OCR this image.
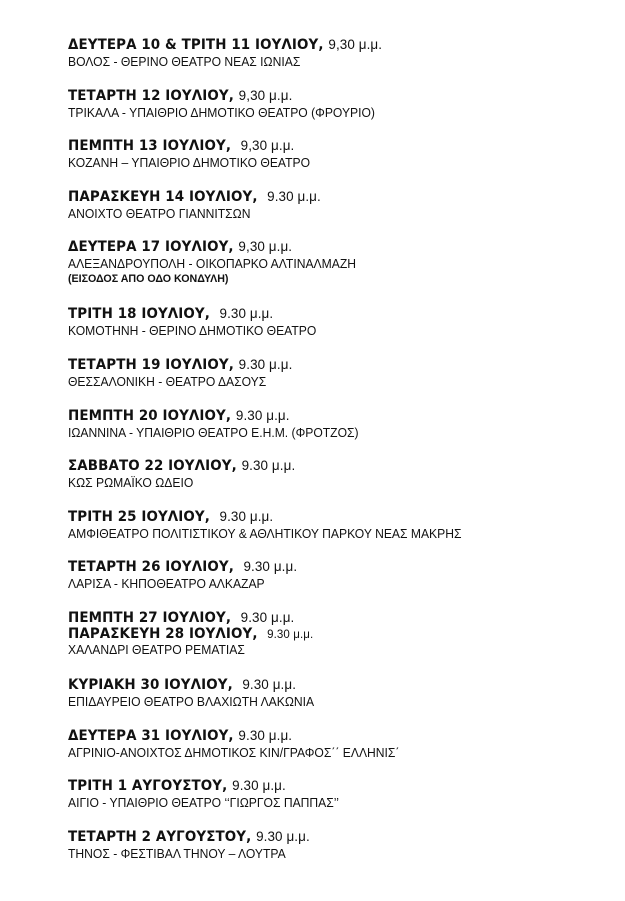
ΔΕΥΤΕΡΑ 10 & ΤΡΙΤΗ 11 ΙΟΥΛΙΟΥ, 9,30 μ.μ.
ΒΟΛΟΣ - ΘΕΡΙΝΟ ΘΕΑΤΡΟ ΝΕΑΣ ΙΩΝΙΑΣ
ΤΕΤΑΡΤΗ 12 ΙΟΥΛΙΟΥ, 9,30 μ.μ.
ΤΡΙΚΑΛΑ - ΥΠΑΙΘΡΙΟ ΔΗΜΟΤΙΚΟ ΘΕΑΤΡΟ (ΦΡΟΥΡΙΟ)
ΠΕΜΠΤΗ 13 ΙΟΥΛΙΟΥ, 9,30 μ.μ.
ΚΟΖΑΝΗ – ΥΠΑΙΘΡΙΟ ΔΗΜΟΤΙΚΟ ΘΕΑΤΡΟ
ΠΑΡΑΣΚΕΥΗ 14 ΙΟΥΛΙΟΥ, 9.30 μ.μ.
ΑΝΟΙΧΤΟ ΘΕΑΤΡΟ ΓΙΑΝΝΙΤΣΩΝ
ΔΕΥΤΕΡΑ 17 ΙΟΥΛΙΟΥ, 9,30 μ.μ.
ΑΛΕΞΑΝΔΡΟΥΠΟΛΗ - ΟΙΚΟΠΑΡΚΟ ΑΛΤΙΝΑΛΜΑΖΗ
(ΕΙΣΟΔΟΣ ΑΠΟ ΟΔΟ ΚΟΝΔΥΛΗ)
ΤΡΙΤΗ 18 ΙΟΥΛΙΟΥ, 9.30 μ.μ.
ΚΟΜΟΤΗΝΗ - ΘΕΡΙΝΟ ΔΗΜΟΤΙΚΟ ΘΕΑΤΡΟ
ΤΕΤΑΡΤΗ 19 ΙΟΥΛΙΟΥ, 9.30 μ.μ.
ΘΕΣΣΑΛΟΝΙΚΗ - ΘΕΑΤΡΟ ΔΑΣΟΥΣ
ΠΕΜΠΤΗ 20 ΙΟΥΛΙΟΥ, 9.30 μ.μ.
ΙΩΑΝΝΙΝΑ - ΥΠΑΙΘΡΙΟ ΘΕΑΤΡΟ Ε.Η.Μ. (ΦΡΟΤΖΟΣ)
ΣΑΒΒΑΤΟ 22 ΙΟΥΛΙΟΥ, 9.30 μ.μ.
ΚΩΣ ΡΩΜΑΪΚΟ ΩΔΕΙΟ
ΤΡΙΤΗ 25 ΙΟΥΛΙΟΥ, 9.30 μ.μ.
ΑΜΦΙΘΕΑΤΡΟ ΠΟΛΙΤΙΣΤΙΚΟΥ & ΑΘΛΗΤΙΚΟΥ ΠΑΡΚΟΥ ΝΕΑΣ ΜΑΚΡΗΣ
ΤΕΤΑΡΤΗ 26 ΙΟΥΛΙΟΥ, 9.30 μ.μ.
ΛΑΡΙΣΑ - ΚΗΠΟΘΕΑΤΡΟ ΑΛΚΑΖΑΡ
ΠΕΜΠΤΗ 27 ΙΟΥΛΙΟΥ, 9.30 μ.μ.
ΠΑΡΑΣΚΕΥΗ 28 ΙΟΥΛΙΟΥ, 9.30 μ.μ.
ΧΑΛΑΝΔΡΙ ΘΕΑΤΡΟ ΡΕΜΑΤΙΑΣ
ΚΥΡΙΑΚΗ 30 ΙΟΥΛΙΟΥ, 9.30 μ.μ.
ΕΠΙΔΑΥΡΕΙΟ ΘΕΑΤΡΟ ΒΛΑΧΙΩΤΗ ΛΑΚΩΝΙΑ
ΔΕΥΤΕΡΑ 31 ΙΟΥΛΙΟΥ, 9.30 μ.μ.
ΑΓΡΙΝΙΟ-ΑΝΟΙΧΤΟΣ ΔΗΜΟΤΙΚΟΣ ΚΙΝ/ΓΡΑΦΟΣ΄΄ ΕΛΛΗΝΙΣ΄
ΤΡΙΤΗ 1 ΑΥΓΟΥΣΤΟΥ, 9.30 μ.μ.
ΑΙΓΙΟ - ΥΠΑΙΘΡΙΟ ΘΕΑΤΡΟ ‘‘ΓΙΩΡΓΟΣ ΠΑΠΠΑΣ’’
ΤΕΤΑΡΤΗ 2 ΑΥΓΟΥΣΤΟΥ, 9.30 μ.μ.
ΤΗΝΟΣ - ΦΕΣΤΙΒΑΛ ΤΗΝΟΥ – ΛΟΥΤΡΑ
